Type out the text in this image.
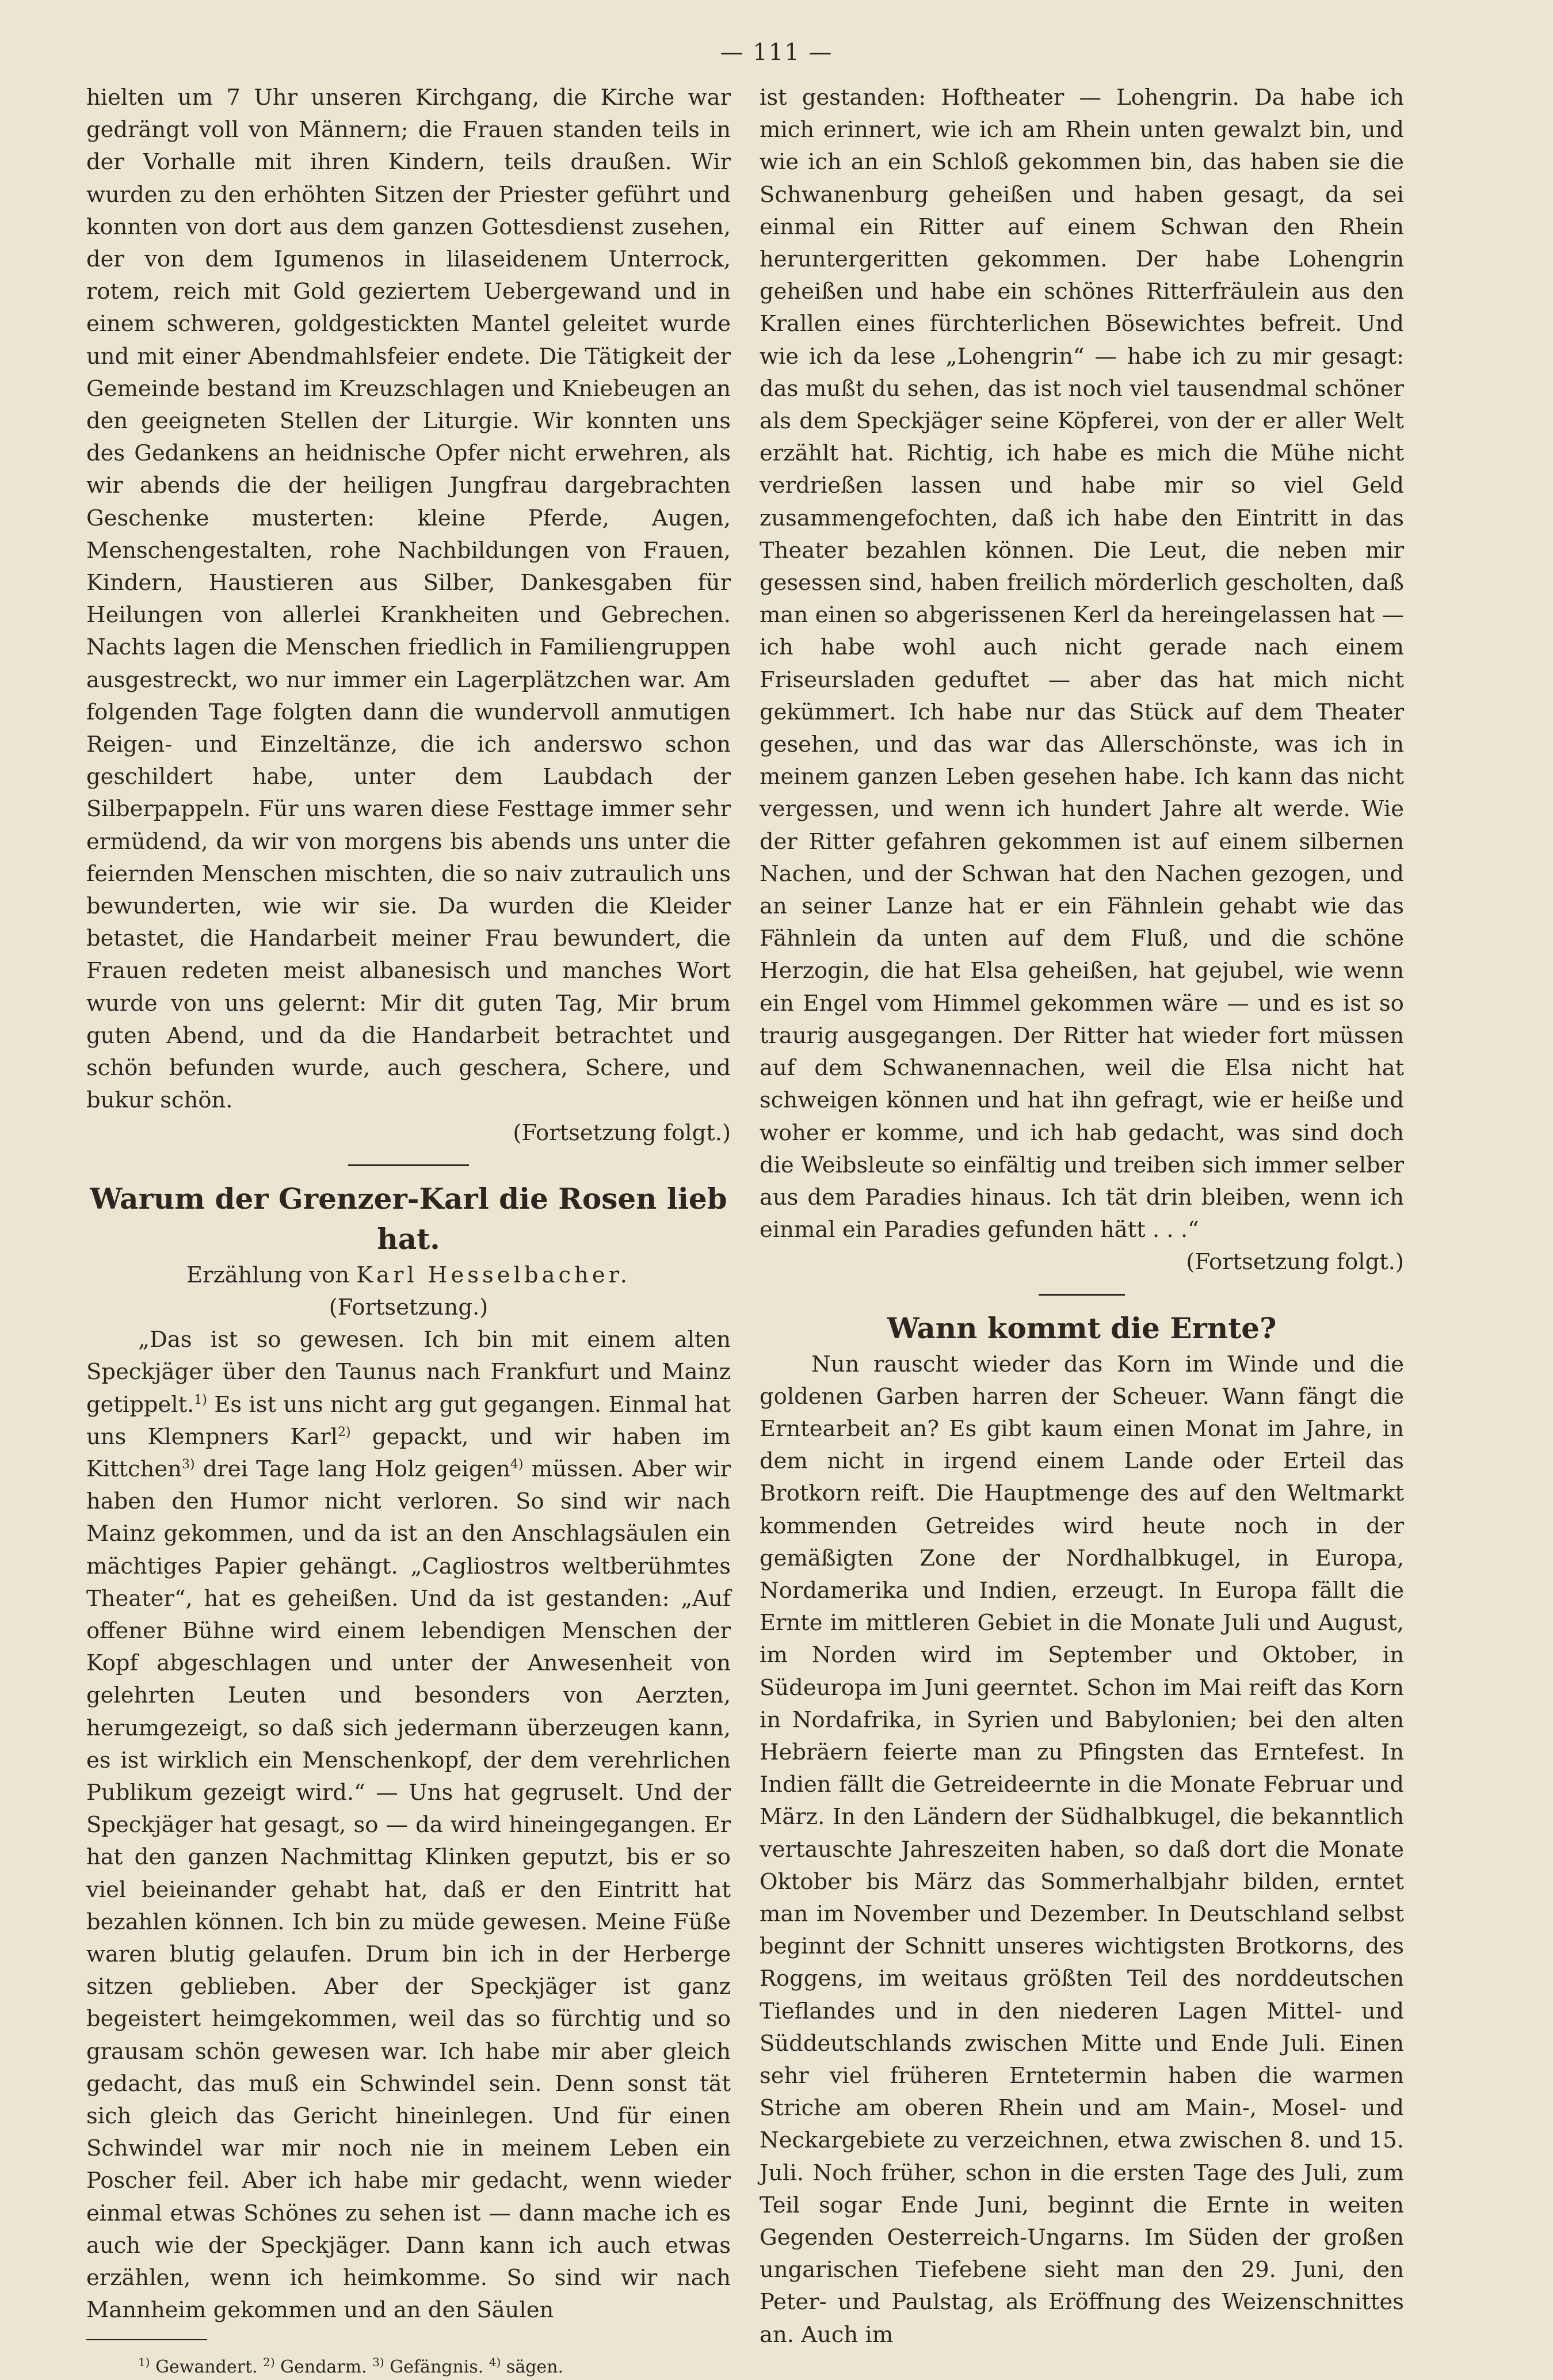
— 111 —

hielten um 7 Uhr unseren Kirchgang, die Kirche war gedrängt voll von Männern; die Frauen standen teils in der Vorhalle mit ihren Kindern, teils draußen. Wir wurden zu den erhöhten Sitzen der Priester geführt und konnten von dort aus dem ganzen Gottesdienst zusehen, der von dem Igumenos in lilaseidenem Unterrock, rotem, reich mit Gold geziertem Uebergewand und in einem schweren, goldgestickten Mantel geleitet wurde und mit einer Abendmahlsfeier endete. Die Tätigkeit der Gemeinde bestand im Kreuzschlagen und Kniebeugen an den geeigneten Stellen der Liturgie. Wir konnten uns des Gedankens an heidnische Opfer nicht erwehren, als wir abends die der heiligen Jungfrau dargebrachten Geschenke musterten: kleine Pferde, Augen, Menschengestalten, rohe Nachbildungen von Frauen, Kindern, Haustieren aus Silber, Dankesgaben für Heilungen von allerlei Krankheiten und Gebrechen. Nachts lagen die Menschen friedlich in Familiengruppen ausgestreckt, wo nur immer ein Lagerplätzchen war. Am folgenden Tage folgten dann die wundervoll anmutigen Reigen- und Einzeltänze, die ich anderswo schon geschildert habe, unter dem Laubdach der Silberpappeln. Für uns waren diese Festtage immer sehr ermüdend, da wir von morgens bis abends uns unter die feiernden Menschen mischten, die so naiv zutraulich uns bewunderten, wie wir sie. Da wurden die Kleider betastet, die Handarbeit meiner Frau bewundert, die Frauen redeten meist albanesisch und manches Wort wurde von uns gelernt: Mir dit guten Tag, Mir brum guten Abend, und da die Handarbeit betrachtet und schön befunden wurde, auch gescherа, Schere, und bukur schön.

(Fortsetzung folgt.)

Warum der Grenzer-Karl die Rosen lieb hat.

Erzählung von Karl Hesselbacher.

(Fortsetzung.)

„Das ist so gewesen. Ich bin mit einem alten Speckjäger über den Taunus nach Frankfurt und Mainz getippelt.$^{1)}$ Es ist uns nicht arg gut gegangen. Einmal hat uns Klempners Karl$^{2)}$ gepackt, und wir haben im Kittchen$^{3)}$ drei Tage lang Holz geigen$^{4)}$ müssen. Aber wir haben den Humor nicht verloren. So sind wir nach Mainz gekommen, und da ist an den Anschlagsäulen ein mächtiges Papier gehängt. „Cagliostros weltberühmtes Theater“, hat es geheißen. Und da ist gestanden: „Auf offener Bühne wird einem lebendigen Menschen der Kopf abgeschlagen und unter der Anwesenheit von gelehrten Leuten und besonders von Aerzten, herumgezeigt, so daß sich jedermann überzeugen kann, es ist wirklich ein Menschenkopf, der dem verehrlichen Publikum gezeigt wird.“ — Uns hat gegruselt. Und der Speckjäger hat gesagt, so — da wird hineingegangen. Er hat den ganzen Nachmittag Klinken geputzt, bis er so viel beieinander gehabt hat, daß er den Eintritt hat bezahlen können. Ich bin zu müde gewesen. Meine Füße waren blutig gelaufen. Drum bin ich in der Herberge sitzen geblieben. Aber der Speckjäger ist ganz begeistert heimgekommen, weil das so fürchtig und so grausam schön gewesen war. Ich habe mir aber gleich gedacht, das muß ein Schwindel sein. Denn sonst tät sich gleich das Gericht hineinlegen. Und für einen Schwindel war mir noch nie in meinem Leben ein Poscher feil. Aber ich habe mir gedacht, wenn wieder einmal etwas Schönes zu sehen ist — dann mache ich es auch wie der Speckjäger. Dann kann ich auch etwas erzählen, wenn ich heimkomme. So sind wir nach Mannheim gekommen und an den Säulen

$^{1)}$ Gewandert. $^{2)}$ Gendarm. $^{3)}$ Gefängnis. $^{4)}$ sägen.

ist gestanden: Hoftheater — Lohengrin. Da habe ich mich erinnert, wie ich am Rhein unten gewalzt bin, und wie ich an ein Schloß gekommen bin, das haben sie die Schwanenburg geheißen und haben gesagt, da sei einmal ein Ritter auf einem Schwan den Rhein heruntergeritten gekommen. Der habe Lohengrin geheißen und habe ein schönes Ritterfräulein aus den Krallen eines fürchterlichen Bösewichtes befreit. Und wie ich da lese „Lohengrin“ — habe ich zu mir gesagt: das mußt du sehen, das ist noch viel tausendmal schöner als dem Speckjäger seine Köpferei, von der er aller Welt erzählt hat. Richtig, ich habe es mich die Mühe nicht verdrießen lassen und habe mir so viel Geld zusammengefochten, daß ich habe den Eintritt in das Theater bezahlen können. Die Leut, die neben mir gesessen sind, haben freilich mörderlich gescholten, daß man einen so abgerissenen Kerl da hereingelassen hat — ich habe wohl auch nicht gerade nach einem Friseursladen geduftet — aber das hat mich nicht gekümmert. Ich habe nur das Stück auf dem Theater gesehen, und das war das Allerschönste, was ich in meinem ganzen Leben gesehen habe. Ich kann das nicht vergessen, und wenn ich hundert Jahre alt werde. Wie der Ritter gefahren gekommen ist auf einem silbernen Nachen, und der Schwan hat den Nachen gezogen, und an seiner Lanze hat er ein Fähnlein gehabt wie das Fähnlein da unten auf dem Fluß, und die schöne Herzogin, die hat Elsa geheißen, hat gejubel, wie wenn ein Engel vom Himmel gekommen wäre — und es ist so traurig ausgegangen. Der Ritter hat wieder fort müssen auf dem Schwanennachen, weil die Elsa nicht hat schweigen können und hat ihn gefragt, wie er heiße und woher er komme, und ich hab gedacht, was sind doch die Weibsleute so einfältig und treiben sich immer selber aus dem Paradies hinaus. Ich tät drin bleiben, wenn ich einmal ein Paradies gefunden hätt . . .“

(Fortsetzung folgt.)

Wann kommt die Ernte?

Nun rauscht wieder das Korn im Winde und die goldenen Garben harren der Scheuer. Wann fängt die Erntearbeit an? Es gibt kaum einen Monat im Jahre, in dem nicht in irgend einem Lande oder Erteil das Brotkorn reift. Die Hauptmenge des auf den Weltmarkt kommenden Getreides wird heute noch in der gemäßigten Zone der Nordhalbkugel, in Europa, Nordamerika und Indien, erzeugt. In Europa fällt die Ernte im mittleren Gebiet in die Monate Juli und August, im Norden wird im September und Oktober, in Südeuropa im Juni geerntet. Schon im Mai reift das Korn in Nordafrika, in Syrien und Babylonien; bei den alten Hebräern feierte man zu Pfingsten das Erntefest. In Indien fällt die Getreideernte in die Monate Februar und März. In den Ländern der Südhalbkugel, die bekanntlich vertauschte Jahreszeiten haben, so daß dort die Monate Oktober bis März das Sommerhalbjahr bilden, erntet man im November und Dezember. In Deutschland selbst beginnt der Schnitt unseres wichtigsten Brotkorns, des Roggens, im weitaus größten Teil des norddeutschen Tieflandes und in den niederen Lagen Mittel- und Süddeutschlands zwischen Mitte und Ende Juli. Einen sehr viel früheren Erntetermin haben die warmen Striche am oberen Rhein und am Main-, Mosel- und Neckargebiete zu verzeichnen, etwa zwischen 8. und 15. Juli. Noch früher, schon in die ersten Tage des Juli, zum Teil sogar Ende Juni, beginnt die Ernte in weiten Gegenden Oesterreich-Ungarns. Im Süden der großen ungarischen Tiefebene sieht man den 29. Juni, den Peter- und Paulstag, als Eröffnung des Weizenschnittes an. Auch im
